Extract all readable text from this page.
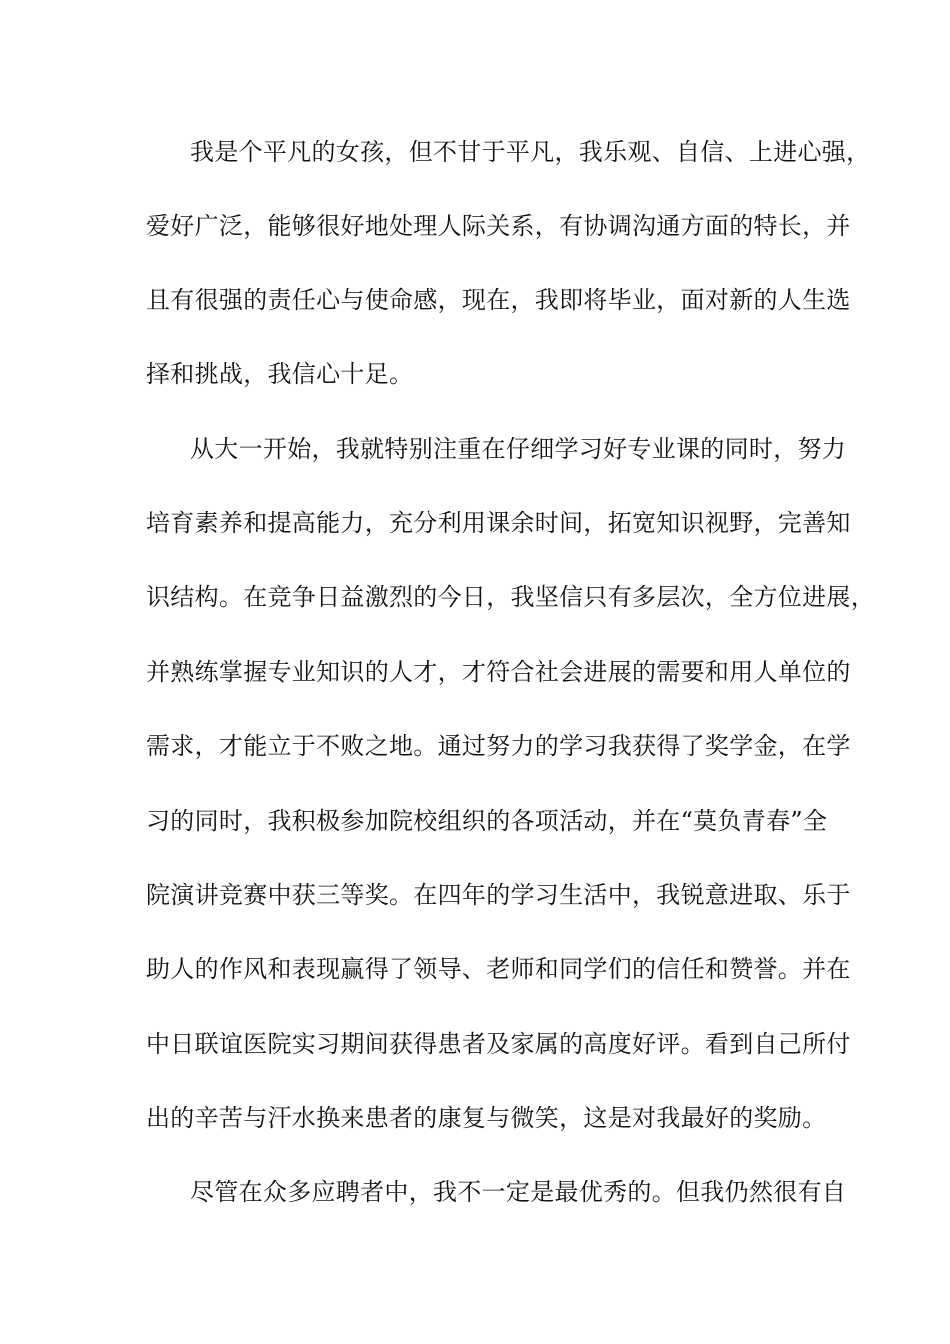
我是个平凡的女孩，但不甘于平凡，我乐观、自信、上进心强，
爱好广泛，能够很好地处理人际关系，有协调沟通方面的特长，并
且有很强的责任心与使命感，现在，我即将毕业，面对新的人生选
择和挑战，我信心十足。
从大一开始，我就特别注重在仔细学习好专业课的同时，努力
培育素养和提高能力，充分利用课余时间，拓宽知识视野，完善知
识结构。在竞争日益激烈的今日，我坚信只有多层次，全方位进展，
并熟练掌握专业知识的人才，才符合社会进展的需要和用人单位的
需求，才能立于不败之地。通过努力的学习我获得了奖学金，在学
习的同时，我积极参加院校组织的各项活动，并在“莫负青春”全
院演讲竞赛中获三等奖。在四年的学习生活中，我锐意进取、乐于
助人的作风和表现赢得了领导、老师和同学们的信任和赞誉。并在
中日联谊医院实习期间获得患者及家属的高度好评。看到自己所付
出的辛苦与汗水换来患者的康复与微笑，这是对我最好的奖励。
尽管在众多应聘者中，我不一定是最优秀的。但我仍然很有自
